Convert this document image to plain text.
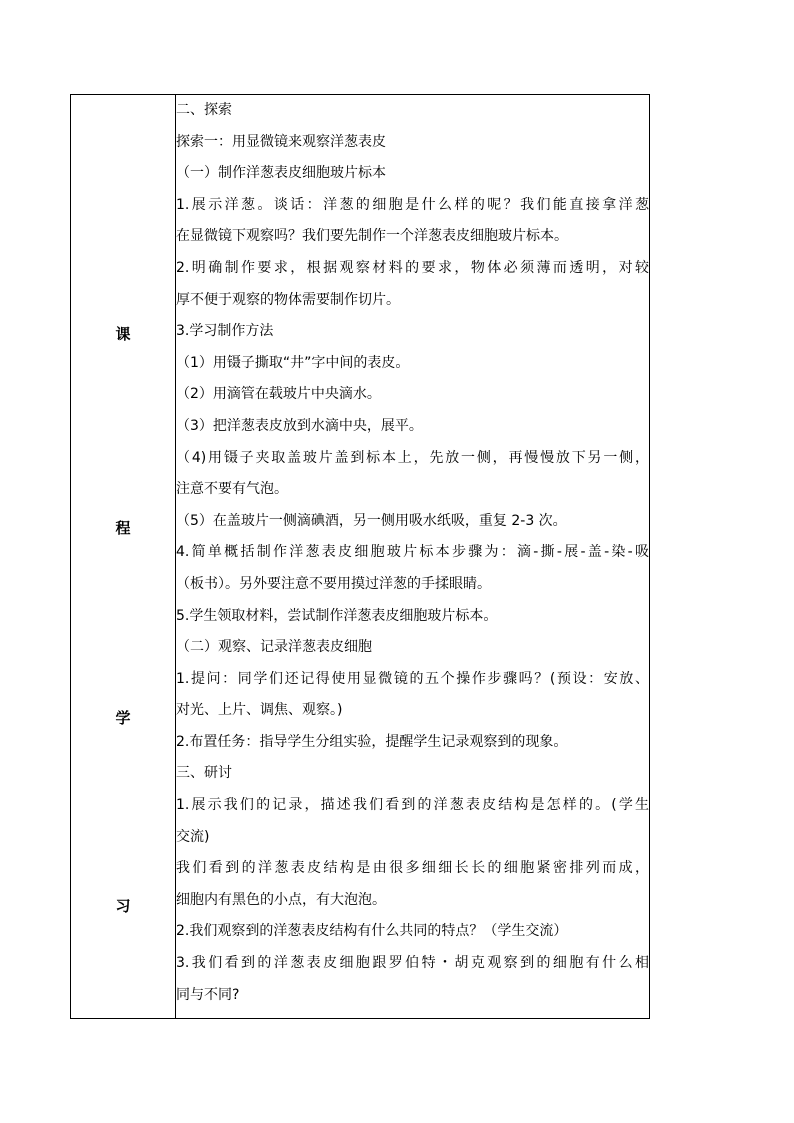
课
程
学
习

二、探索
探索一：用显微镜来观察洋葱表皮
（一）制作洋葱表皮细胞玻片标本
1.展示洋葱。谈话：洋葱的细胞是什么样的呢？我们能直接拿洋葱
在显微镜下观察吗？我们要先制作一个洋葱表皮细胞玻片标本。
2.明确制作要求，根据观察材料的要求，物体必须薄而透明，对较
厚不便于观察的物体需要制作切片。
3.学习制作方法
（1）用镊子撕取“井”字中间的表皮。
（2）用滴管在载玻片中央滴水。
（3）把洋葱表皮放到水滴中央，展平。
（4)用镊子夹取盖玻片盖到标本上，先放一侧，再慢慢放下另一侧，
注意不要有气泡。
（5）在盖玻片一侧滴碘酒，另一侧用吸水纸吸，重复 2-3 次。
4.简单概括制作洋葱表皮细胞玻片标本步骤为：滴-撕-展-盖-染-吸
（板书）。另外要注意不要用摸过洋葱的手揉眼睛。
5.学生领取材料，尝试制作洋葱表皮细胞玻片标本。
（二）观察、记录洋葱表皮细胞
1.提问：同学们还记得使用显微镜的五个操作步骤吗？(预设：安放、
对光、上片、调焦、观察。)
2.布置任务：指导学生分组实验，提醒学生记录观察到的现象。
三、研讨
1.展示我们的记录，描述我们看到的洋葱表皮结构是怎样的。(学生
交流)
我们看到的洋葱表皮结构是由很多细细长长的细胞紧密排列而成，
细胞内有黑色的小点，有大泡泡。
2.我们观察到的洋葱表皮结构有什么共同的特点？（学生交流）
3.我们看到的洋葱表皮细胞跟罗伯特・胡克观察到的细胞有什么相
同与不同?
